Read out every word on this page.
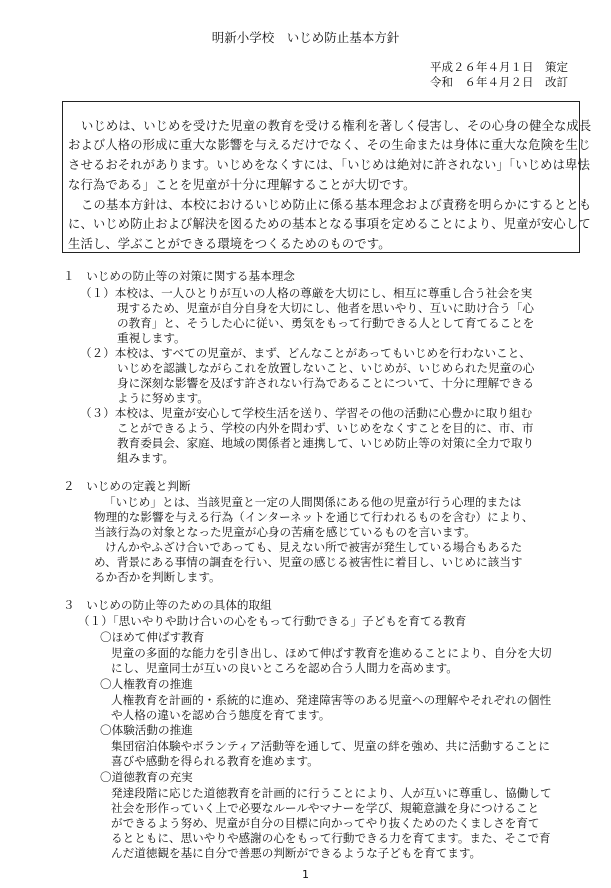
明新小学校　いじめ防止基本方針
平成２６年４月１日　策定
令和　６年４月２日　改訂
いじめは、いじめを受けた児童の教育を受ける権利を著しく侵害し、その心身の健全な成長
および人格の形成に重大な影響を与えるだけでなく、その生命または身体に重大な危険を生じ
させるおそれがあります。いじめをなくすには、「いじめは絶対に許されない」「いじめは卑怯
な行為である」ことを児童が十分に理解することが大切です。
この基本方針は、本校におけるいじめ防止に係る基本理念および責務を明らかにするととも
に、いじめ防止および解決を図るための基本となる事項を定めることにより、児童が安心して
生活し、学ぶことができる環境をつくるためのものです。
１　いじめの防止等の対策に関する基本理念
（１）本校は、一人ひとりが互いの人格の尊厳を大切にし、相互に尊重し合う社会を実
現するため、児童が自分自身を大切にし、他者を思いやり、互いに助け合う「心
の教育」と、そうした心に従い、勇気をもって行動できる人として育てることを
重視します。
（２）本校は、すべての児童が、まず、どんなことがあってもいじめを行わないこと、
いじめを認識しながらこれを放置しないこと、いじめが、いじめられた児童の心
身に深刻な影響を及ぼす許されない行為であることについて、十分に理解できる
ように努めます。
（３）本校は、児童が安心して学校生活を送り、学習その他の活動に心豊かに取り組む
ことができるよう、学校の内外を問わず、いじめをなくすことを目的に、市、市
教育委員会、家庭、地域の関係者と連携して、いじめ防止等の対策に全力で取り
組みます。
２　いじめの定義と判断
「いじめ」とは、当該児童と一定の人間関係にある他の児童が行う心理的または
物理的な影響を与える行為（インターネットを通じて行われるものを含む）により、
当該行為の対象となった児童が心身の苦痛を感じているものを言います。
けんかやふざけ合いであっても、見えない所で被害が発生している場合もあるた
め、背景にある事情の調査を行い、児童の感じる被害性に着目し、いじめに該当す
るか否かを判断します。
３　いじめの防止等のための具体的取組
（１）「思いやりや助け合いの心をもって行動できる」子どもを育てる教育
〇ほめて伸ばす教育
児童の多面的な能力を引き出し、ほめて伸ばす教育を進めることにより、自分を大切
にし、児童同士が互いの良いところを認め合う人間力を高めます。
〇人権教育の推進
人権教育を計画的・系統的に進め、発達障害等のある児童への理解やそれぞれの個性
や人格の違いを認め合う態度を育てます。
〇体験活動の推進
集団宿泊体験やボランティア活動等を通して、児童の絆を強め、共に活動することに
喜びや感動を得られる教育を進めます。
〇道徳教育の充実
発達段階に応じた道徳教育を計画的に行うことにより、人が互いに尊重し、協働して
社会を形作っていく上で必要なルールやマナーを学び、規範意識を身につけること
ができるよう努め、児童が自分の目標に向かってやり抜くためのたくましさを育て
るとともに、思いやりや感謝の心をもって行動できる力を育てます。また、そこで育
1
んだ道徳観を基に自分で善悪の判断ができるような子どもを育てます。
